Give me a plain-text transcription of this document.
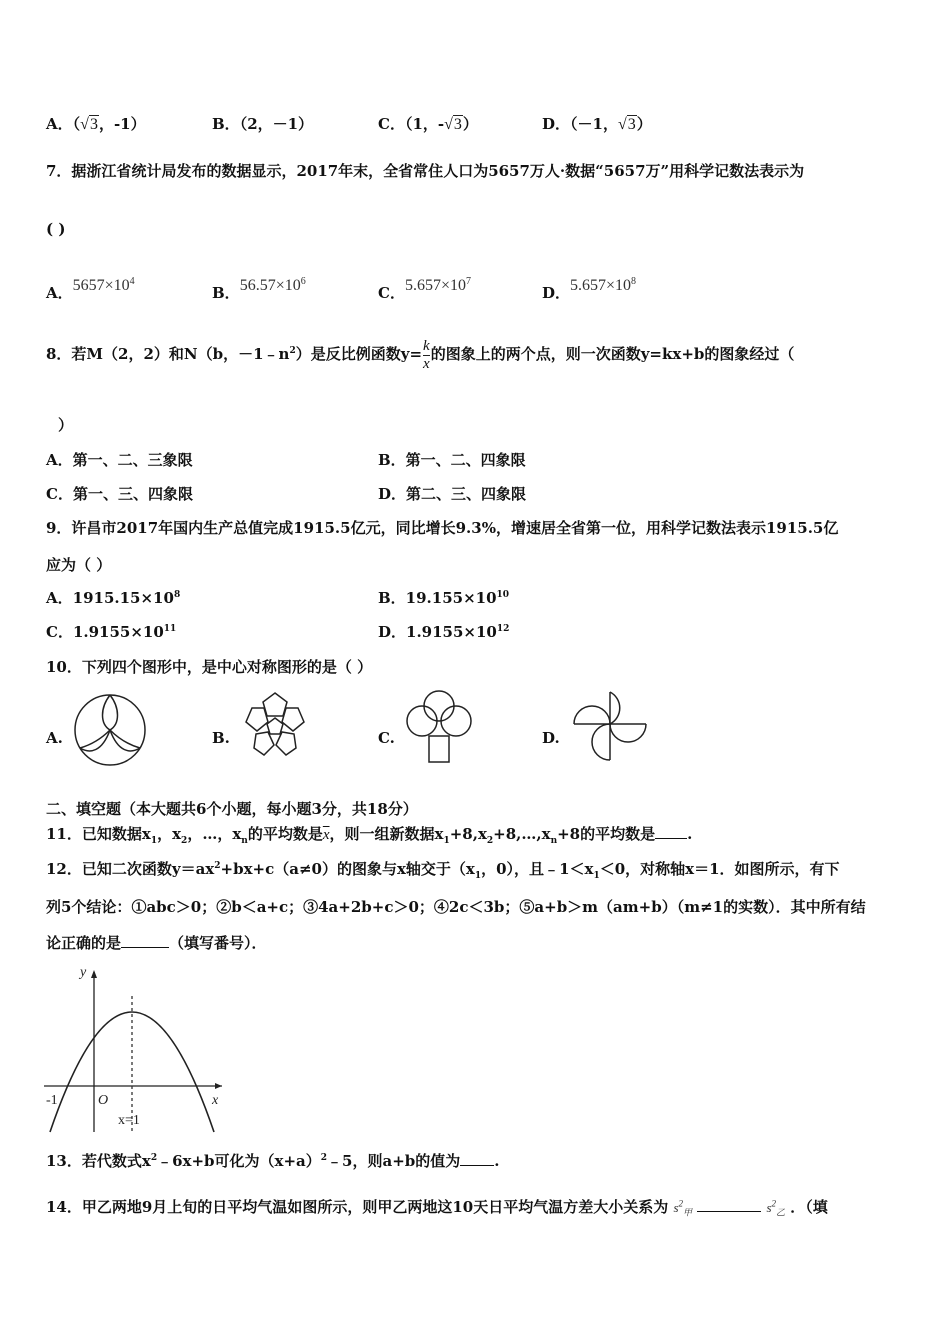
A．（√3，-1）	B．（2，－1）	C．（1，-√3）	D．（－1，√3）
7．据浙江省统计局发布的数据显示，2017年末，全省常住人口为5657万人·数据“5657万”用科学记数法表示为
( )
A．$5657\times 10^4$
B．$56.57\times 10^6$
C．$5.657\times 10^7$
D．$5.657\times 10^8$
8．若M（2，2）和N（b，$-1﹣n^2$）是反比例函数$y= \frac{k}{x}$ 的图象上的两个点，则一次函数y=kx+b的图象经过（
）
A．第一、二、三象限	B．第一、二、四象限
C．第一、三、四象限	D．第二、三、四象限
9．许昌市2017年国内生产总值完成1915.5亿元，同比增长9.3%，增速居全省第一位，用科学记数法表示1915.5亿
应为（ ）
A．$1915.15\times 10^8$	B．$19.155\times 10^{10}$
C．$1.9155\times 10^{11}$	D．$1.9155\times 10^{12}$
10．下列四个图形中，是中心对称图形的是（ ）
A.	B.	C.	D.
二、填空题（本大题共6个小题，每小题3分，共18分）
11．已知数据$x_1$，$x_2$，…，$x_n$的平均数是$\overline{x}$，则一组新数据$x_1+8,x_2+8,\dots,x_n+8$的平均数是 .
12．已知二次函数$y=ax^2+bx+c(a\ne 0)$的图象与x轴交于（$x_1$，0），且$﹣1<x_1<0$，对称轴x＝1．如图所示，有下
列5个结论：①abc＞0；②b＜a+c；③4a+2b+c＞0；④2c＜3b；⑤a+b＞m（am+b）（m≠1的实数）．其中所有结
论正确的是	（填写番号）．
y
x
O
-1
x=1
13．若代数式$x^2﹣6x+b$可化为$(x+a)^2﹣5$，则a+b的值为 .
14．甲乙两地9月上旬的日平均气温如图所示，则甲乙两地这10天日平均气温方差大小关系为 $s^2_甲$	$s^2_乙$ ．（填
